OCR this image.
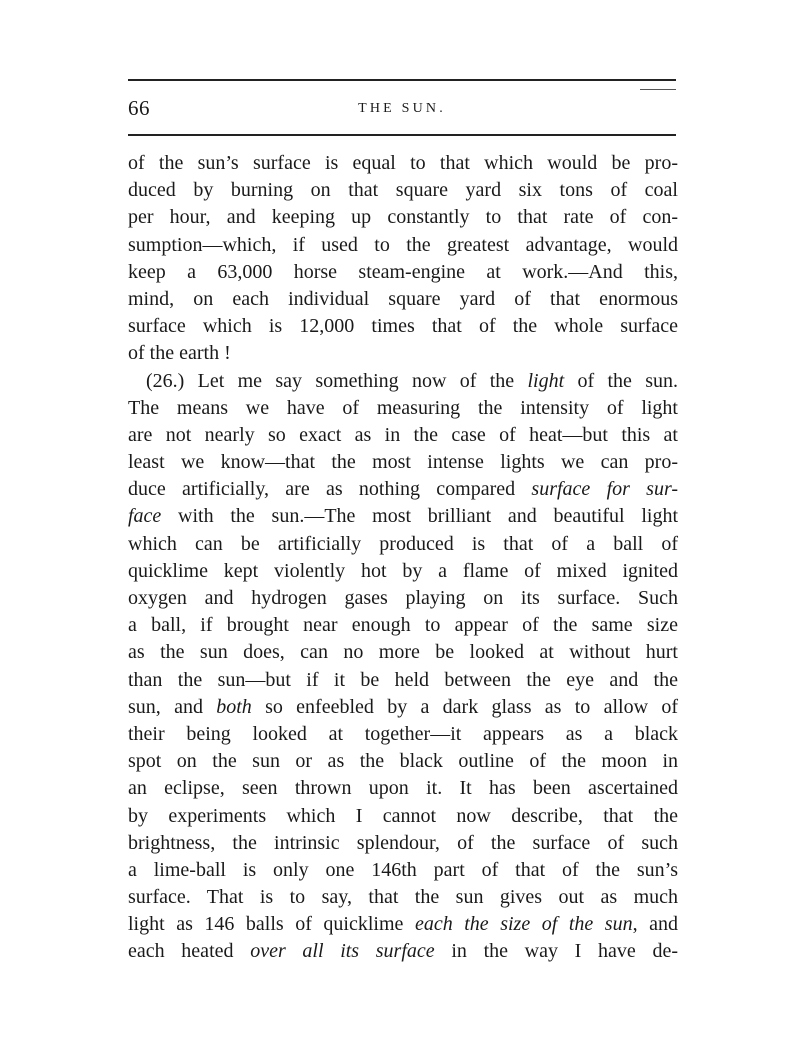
66	THE SUN.
of the sun’s surface is equal to that which would be pro-
duced by burning on that square yard six tons of coal
per hour, and keeping up constantly to that rate of con-
sumption—which, if used to the greatest advantage, would
keep a 63,000 horse steam-engine at work.—And this,
mind, on each individual square yard of that enormous
surface which is 12,000 times that of the whole surface
of the earth !
(26.) Let me say something now of the light of the sun.
The means we have of measuring the intensity of light
are not nearly so exact as in the case of heat—but this at
least we know—that the most intense lights we can pro-
duce artificially, are as nothing compared surface for sur-
face with the sun.—The most brilliant and beautiful light
which can be artificially produced is that of a ball of
quicklime kept violently hot by a flame of mixed ignited
oxygen and hydrogen gases playing on its surface. Such
a ball, if brought near enough to appear of the same size
as the sun does, can no more be looked at without hurt
than the sun—but if it be held between the eye and the
sun, and both so enfeebled by a dark glass as to allow of
their being looked at together—it appears as a black
spot on the sun or as the black outline of the moon in
an eclipse, seen thrown upon it. It has been ascertained
by experiments which I cannot now describe, that the
brightness, the intrinsic splendour, of the surface of such
a lime-ball is only one 146th part of that of the sun’s
surface. That is to say, that the sun gives out as much
light as 146 balls of quicklime each the size of the sun, and
each heated over all its surface in the way I have de-
